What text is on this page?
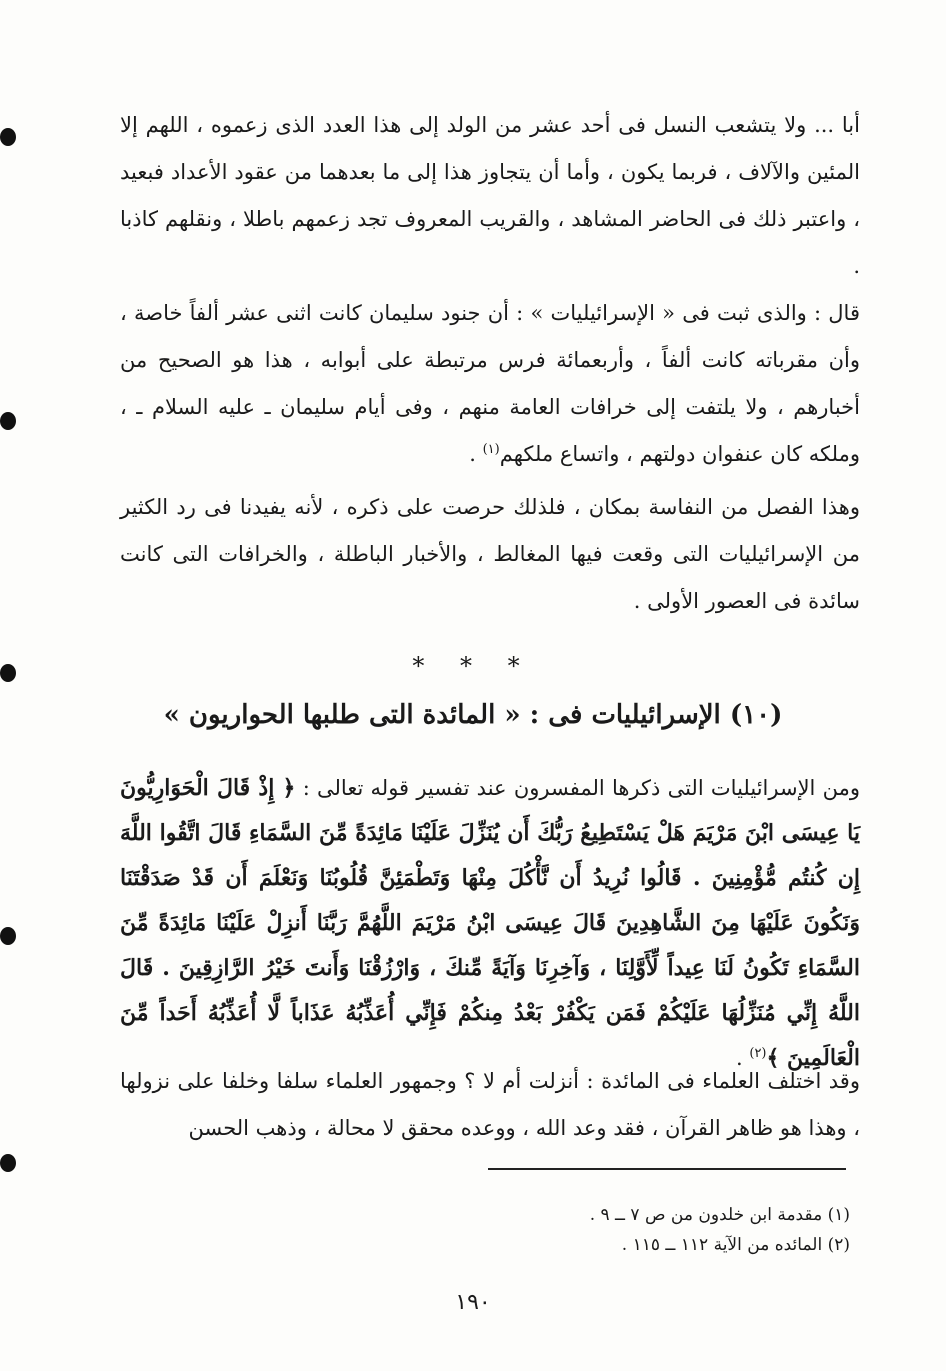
أبا ... ولا يتشعب النسل فى أحد عشر من الولد إلى هذا العدد الذى زعموه ، اللهم إلا المئين والآلاف ، فربما يكون ، وأما أن يتجاوز هذا إلى ما بعدهما من عقود الأعداد فبعيد ، واعتبر ذلك فى الحاضر المشاهد ، والقريب المعروف تجد زعمهم باطلا ، ونقلهم كاذبا .

قال : والذى ثبت فى « الإسرائيليات » : أن جنود سليمان كانت اثنى عشر ألفاً خاصة ، وأن مقرباته كانت ألفاً ، وأربعمائة فرس مرتبطة على أبوابه ، هذا هو الصحيح من أخبارهم ، ولا يلتفت إلى خرافات العامة منهم ، وفى أيام سليمان ـ عليه السلام ـ ، وملكه كان عنفوان دولتهم ، واتساع ملكهم$^{(١)}$ .

وهذا الفصل من النفاسة بمكان ، فلذلك حرصت على ذكره ، لأنه يفيدنا فى رد الكثير من الإسرائيليات التى وقعت فيها المغالط ، والأخبار الباطلة ، والخرافات التى كانت سائدة فى العصور الأولى .

* * *
(١٠) الإسرائيليات فى : « المائدة التى طلبها الحواريون »

ومن الإسرائيليات التى ذكرها المفسرون عند تفسير قوله تعالى : ﴿ إِذْ قَالَ الْحَوَارِيُّونَ يَا عِيسَى ابْنَ مَرْيَمَ هَلْ يَسْتَطِيعُ رَبُّكَ أَن يُنَزِّلَ عَلَيْنَا مَائِدَةً مِّنَ السَّمَاءِ قَالَ اتَّقُوا اللَّهَ إِن كُنتُم مُّؤْمِنِينَ . قَالُوا نُرِيدُ أَن نَّأْكُلَ مِنْهَا وَتَطْمَئِنَّ قُلُوبُنَا وَنَعْلَمَ أَن قَدْ صَدَقْتَنَا وَنَكُونَ عَلَيْهَا مِنَ الشَّاهِدِينَ قَالَ عِيسَى ابْنُ مَرْيَمَ اللَّهُمَّ رَبَّنَا أَنزِلْ عَلَيْنَا مَائِدَةً مِّنَ السَّمَاءِ تَكُونُ لَنَا عِيداً لِّأَوَّلِنَا ، وَآخِرِنَا وَآيَةً مِّنكَ ، وَارْزُقْنَا وَأَنتَ خَيْرُ الرَّازِقِينَ . قَالَ اللَّهُ إِنِّي مُنَزِّلُهَا عَلَيْكُمْ فَمَن يَكْفُرْ بَعْدُ مِنكُمْ فَإِنِّي أُعَذِّبُهُ عَذَاباً لَّا أُعَذِّبُهُ أَحَداً مِّنَ الْعَالَمِينَ ﴾$^{(٢)}$ .

وقد اختلف العلماء فى المائدة : أنزلت أم لا ؟ وجمهور العلماء سلفا وخلفا على نزولها ، وهذا هو ظاهر القرآن ، فقد وعد الله ، ووعده محقق لا محالة ، وذهب الحسن

(١) مقدمة ابن خلدون من ص ٧ ــ ٩ .
(٢) المائده من الآية ١١٢ ــ ١١٥ .
١٩٠
